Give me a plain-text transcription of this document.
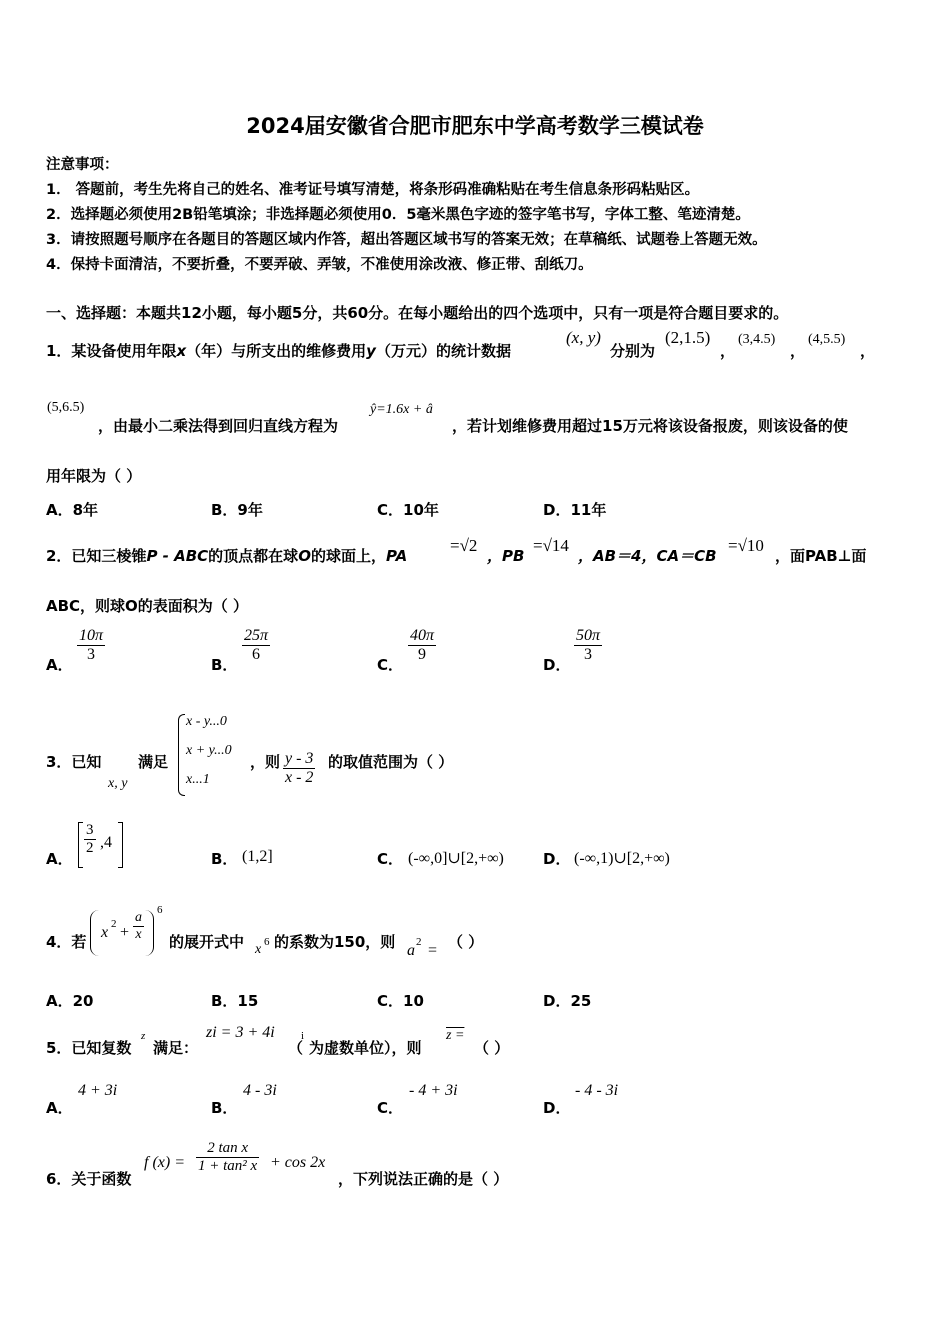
2024届安徽省合肥市肥东中学高考数学三模试卷
注意事项：
1． 答题前，考生先将自己的姓名、准考证号填写清楚，将条形码准确粘贴在考生信息条形码粘贴区。
2．选择题必须使用2B铅笔填涂；非选择题必须使用0．5毫米黑色字迹的签字笔书写，字体工整、笔迹清楚。
3．请按照题号顺序在各题目的答题区域内作答，超出答题区域书写的答案无效；在草稿纸、试题卷上答题无效。
4．保持卡面清洁，不要折叠，不要弄破、弄皱，不准使用涂改液、修正带、刮纸刀。
一、选择题：本题共12小题，每小题5分，共60分。在每小题给出的四个选项中，只有一项是符合题目要求的。
1．某设备使用年限x（年）与所支出的维修费用y（万元）的统计数据
(x, y)
分别为
(2,1.5)
，
(3,4.5)
，
(4,5.5)
，
(5,6.5)
，由最小二乘法得到回归直线方程为
ŷ=1.6x + â
，若计划维修费用超过15万元将该设备报废，则该设备的使
用年限为（ ）
A．8年	B．9年	C．10年	D．11年
2．已知三棱锥P - ABC的顶点都在球O的球面上，PA
=√2
，PB
=√14
，AB＝4，CA＝CB
=√10
，面PAB⊥面
ABC，则球O的表面积为（ ）
A．
$\frac{10\pi}{3}$
B．
$\frac{25\pi}{6}$
C．
$\frac{40\pi}{9}$
D．
$\frac{50\pi}{3}$
3．已知 满足
x, y
x - y...0
x + y...0
x...1
，则 $\frac{y - 3}{x - 2}$ 的取值范围为（ ）
A．
$\frac{3}{2} ,4$
B． (1,2]	C． (-∞,0]∪[2,+∞)	D． (-∞,1)∪[2,+∞)
4．若
x $2 + \frac{a}{x} 6$
的展开式中 x 6 的系数为150，则 a 2 = （ ）
A．20	B．15	C．10	D．25
5．已知复数
z
满足：
zi = 3 + 4i
（
i
为虚数单位），则
z =
（ ）
A．
4 + 3i
B．
4 - 3i
C．
- 4 + 3i
D．
- 4 - 3i
6．关于函数
f $(x) = \frac{\text{2 tan x}}{\text{1 + tan² x}} + \cos 2x$
，下列说法正确的是（ ）
